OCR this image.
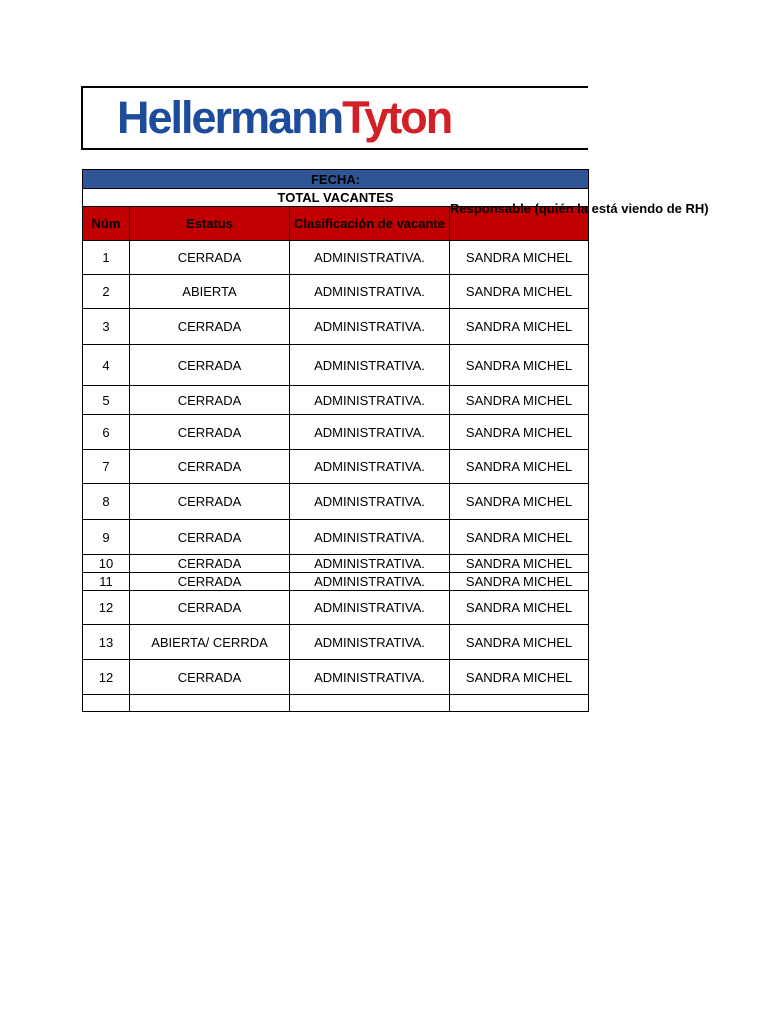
HellermannTyton
FECHA:			
TOTAL VACANTES			

Núm	Estatus	Clasificación de vacante	Responsable (quién la está viendo de RH)

1	CERRADA	ADMINISTRATIVA.	SANDRA MICHEL
2	ABIERTA	ADMINISTRATIVA.	SANDRA MICHEL
3	CERRADA	ADMINISTRATIVA.	SANDRA MICHEL
4	CERRADA	ADMINISTRATIVA.	SANDRA MICHEL
5	CERRADA	ADMINISTRATIVA.	SANDRA MICHEL
6	CERRADA	ADMINISTRATIVA.	SANDRA MICHEL
7	CERRADA	ADMINISTRATIVA.	SANDRA MICHEL
8	CERRADA	ADMINISTRATIVA.	SANDRA MICHEL
9	CERRADA	ADMINISTRATIVA.	SANDRA MICHEL
10	CERRADA	ADMINISTRATIVA.	SANDRA MICHEL
11	CERRADA	ADMINISTRATIVA.	SANDRA MICHEL
12	CERRADA	ADMINISTRATIVA.	SANDRA MICHEL
13	ABIERTA/ CERRDA	ADMINISTRATIVA.	SANDRA MICHEL
12	CERRADA	ADMINISTRATIVA.	SANDRA MICHEL
